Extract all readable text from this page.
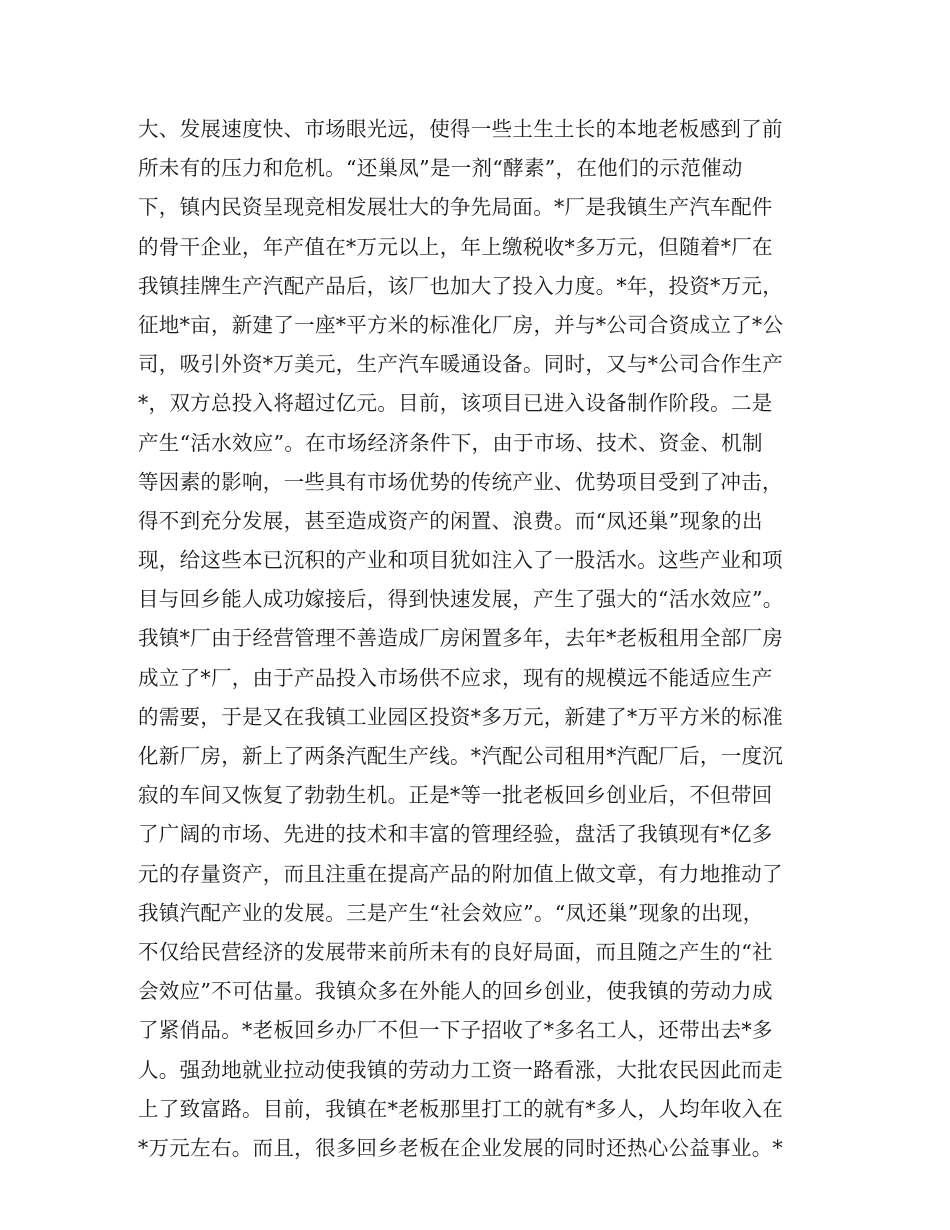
大、发展速度快、市场眼光远，使得一些土生土长的本地老板感到了前
所未有的压力和危机。“还巢凤”是一剂“酵素”，在他们的示范催动
下，镇内民资呈现竞相发展壮大的争先局面。*厂是我镇生产汽车配件
的骨干企业，年产值在*万元以上，年上缴税收*多万元，但随着*厂在
我镇挂牌生产汽配产品后，该厂也加大了投入力度。*年，投资*万元，
征地*亩，新建了一座*平方米的标准化厂房，并与*公司合资成立了*公
司，吸引外资*万美元，生产汽车暖通设备。同时，又与*公司合作生产
*，双方总投入将超过亿元。目前，该项目已进入设备制作阶段。二是
产生“活水效应”。在市场经济条件下，由于市场、技术、资金、机制
等因素的影响，一些具有市场优势的传统产业、优势项目受到了冲击，
得不到充分发展，甚至造成资产的闲置、浪费。而“凤还巢”现象的出
现，给这些本已沉积的产业和项目犹如注入了一股活水。这些产业和项
目与回乡能人成功嫁接后，得到快速发展，产生了强大的“活水效应”。
我镇*厂由于经营管理不善造成厂房闲置多年，去年*老板租用全部厂房
成立了*厂，由于产品投入市场供不应求，现有的规模远不能适应生产
的需要，于是又在我镇工业园区投资*多万元，新建了*万平方米的标准
化新厂房，新上了两条汽配生产线。*汽配公司租用*汽配厂后，一度沉
寂的车间又恢复了勃勃生机。正是*等一批老板回乡创业后，不但带回
了广阔的市场、先进的技术和丰富的管理经验，盘活了我镇现有*亿多
元的存量资产，而且注重在提高产品的附加值上做文章，有力地推动了
我镇汽配产业的发展。三是产生“社会效应”。“凤还巢”现象的出现，
不仅给民营经济的发展带来前所未有的良好局面，而且随之产生的“社
会效应”不可估量。我镇众多在外能人的回乡创业，使我镇的劳动力成
了紧俏品。*老板回乡办厂不但一下子招收了*多名工人，还带出去*多
人。强劲地就业拉动使我镇的劳动力工资一路看涨，大批农民因此而走
上了致富路。目前，我镇在*老板那里打工的就有*多人，人均年收入在
*万元左右。而且，很多回乡老板在企业发展的同时还热心公益事业。*
